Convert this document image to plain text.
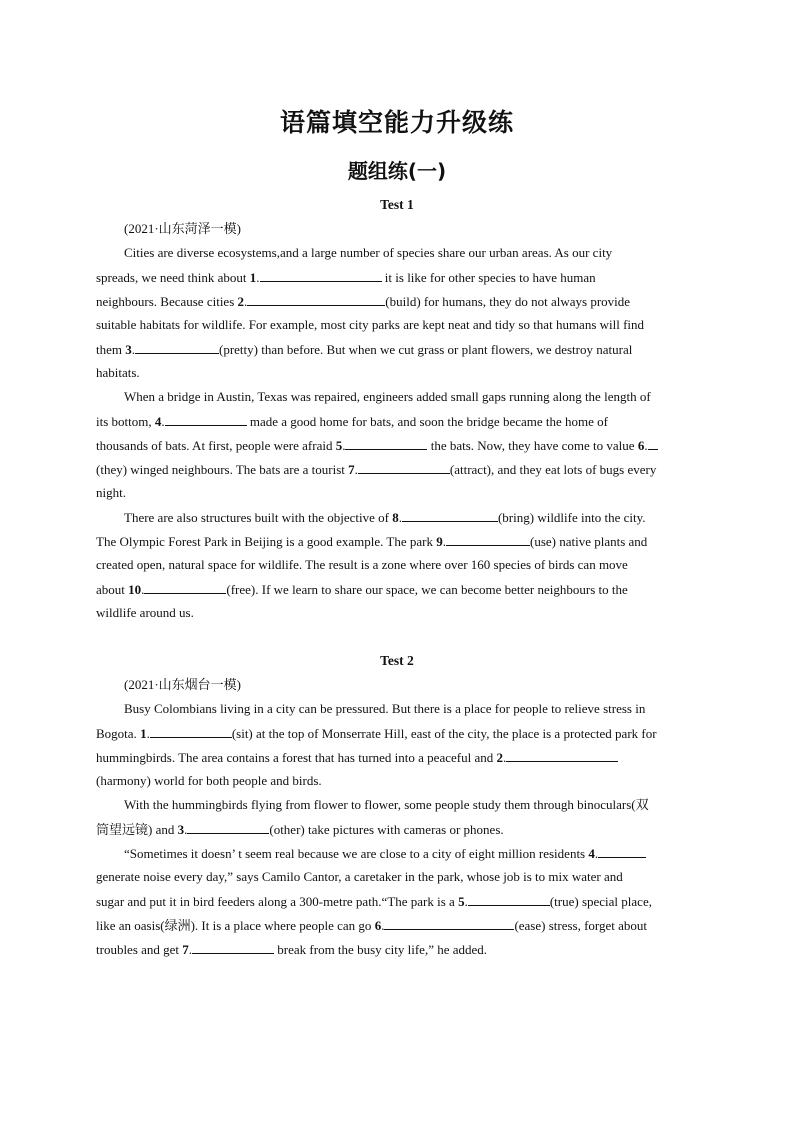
语篇填空能力升级练
题组练(一)
Test 1
(2021·山东菏泽一模)
Cities are diverse ecosystems,and a large number of species share our urban areas. As our city
spreads, we need think about 1.	it is like for other species to have human
neighbours. Because cities 2.	(build) for humans, they do not always provide
suitable habitats for wildlife. For example, most city parks are kept neat and tidy so that humans will find
them 3.	(pretty) than before. But when we cut grass or plant flowers, we destroy natural
habitats.
When a bridge in Austin, Texas was repaired, engineers added small gaps running along the length of
its bottom, 4.	made a good home for bats, and soon the bridge became the home of
thousands of bats. At first, people were afraid 5.	the bats. Now, they have come to value 6.
(they) winged neighbours. The bats are a tourist 7.	(attract), and they eat lots of bugs every
night.
There are also structures built with the objective of 8.	(bring) wildlife into the city.
The Olympic Forest Park in Beijing is a good example. The park 9.	(use) native plants and
created open, natural space for wildlife. The result is a zone where over 160 species of birds can move
about 10.	(free). If we learn to share our space, we can become better neighbours to the
wildlife around us.
Test 2
(2021·山东烟台一模)
Busy Colombians living in a city can be pressured. But there is a place for people to relieve stress in
Bogota. 1.	(sit) at the top of Monserrate Hill, east of the city, the place is a protected park for
hummingbirds. The area contains a forest that has turned into a peaceful and 2.
(harmony) world for both people and birds.
With the hummingbirds flying from flower to flower, some people study them through binoculars(双
筒望远镜) and 3.	(other) take pictures with cameras or phones.
“Sometimes it doesn’ t seem real because we are close to a city of eight million residents 4.
generate noise every day,” says Camilo Cantor, a caretaker in the park, whose job is to mix water and
sugar and put it in bird feeders along a 300-metre path.“The park is a 5.	(true) special place,
like an oasis(绿洲). It is a place where people can go 6.	(ease) stress, forget about
troubles and get 7.	break from the busy city life,” he added.
